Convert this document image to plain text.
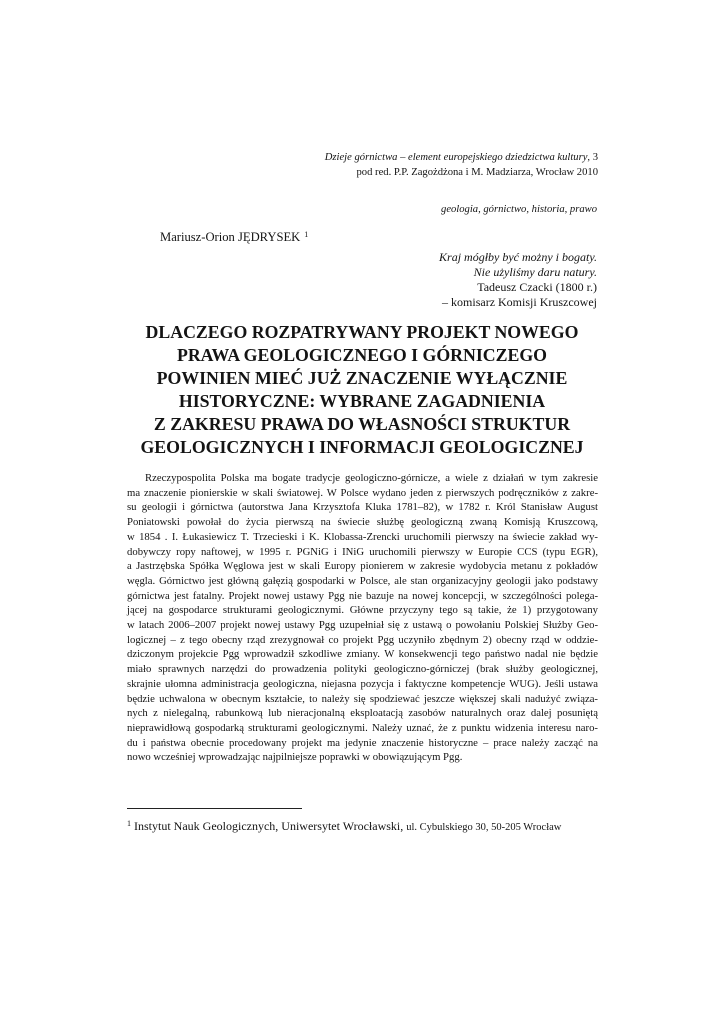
Dzieje górnictwa – element europejskiego dziedzictwa kultury, 3
pod red. P.P. Zagożdżona i M. Madziarza, Wrocław 2010
geologia, górnictwo, historia, prawo
Mariusz-Orion JĘDRYSEK $^1$
Kraj mógłby być możny i bogaty.
Nie użyliśmy daru natury.
Tadeusz Czacki (1800 r.)
– komisarz Komisji Kruszcowej
DLACZEGO ROZPATRYWANY PROJEKT NOWEGO
PRAWA GEOLOGICZNEGO I GÓRNICZEGO
POWINIEN MIEĆ JUŻ ZNACZENIE WYŁĄCZNIE
HISTORYCZNE: WYBRANE ZAGADNIENIA
Z ZAKRESU PRAWA DO WŁASNOŚCI STRUKTUR
GEOLOGICZNYCH I INFORMACJI GEOLOGICZNEJ
Rzeczypospolita Polska ma bogate tradycje geologiczno-górnicze, a wiele z działań w tym zakresie
ma znaczenie pionierskie w skali światowej. W Polsce wydano jeden z pierwszych podręczników z zakre-
su geologii i górnictwa (autorstwa Jana Krzysztofa Kluka 1781–82), w 1782 r. Król Stanisław August
Poniatowski powołał do życia pierwszą na świecie służbę geologiczną zwaną Komisją Kruszcową,
w 1854 . I. Łukasiewicz T. Trzecieski i K. Klobassa-Zrencki uruchomili pierwszy na świecie zakład wy-
dobywczy ropy naftowej, w 1995 r. PGNiG i INiG uruchomili pierwszy w Europie CCS (typu EGR),
a Jastrzębska Spółka Węglowa jest w skali Europy pionierem w zakresie wydobycia metanu z pokładów
węgla. Górnictwo jest główną gałęzią gospodarki w Polsce, ale stan organizacyjny geologii jako podstawy
górnictwa jest fatalny. Projekt nowej ustawy Pgg nie bazuje na nowej koncepcji, w szczególności polega-
jącej na gospodarce strukturami geologicznymi. Główne przyczyny tego są takie, że 1) przygotowany
w latach 2006–2007 projekt nowej ustawy Pgg uzupełniał się z ustawą o powołaniu Polskiej Służby Geo-
logicznej – z tego obecny rząd zrezygnował co projekt Pgg uczyniło zbędnym 2) obecny rząd w oddzie-
dziczonym projekcie Pgg wprowadził szkodliwe zmiany. W konsekwencji tego państwo nadal nie będzie
miało sprawnych narzędzi do prowadzenia polityki geologiczno-górniczej (brak służby geologicznej,
skrajnie ułomna administracja geologiczna, niejasna pozycja i faktyczne kompetencje WUG). Jeśli ustawa
będzie uchwalona w obecnym kształcie, to należy się spodziewać jeszcze większej skali nadużyć związa-
nych z nielegalną, rabunkową lub nieracjonalną eksploatacją zasobów naturalnych oraz dalej posuniętą
nieprawidłową gospodarką strukturami geologicznymi. Należy uznać, że z punktu widzenia interesu naro-
du i państwa obecnie procedowany projekt ma jedynie znaczenie historyczne – prace należy zacząć na
nowo wcześniej wprowadzając najpilniejsze poprawki w obowiązującym Pgg.
$^1$ Instytut Nauk Geologicznych, Uniwersytet Wrocławski, ul. Cybulskiego 30, 50-205 Wrocław
